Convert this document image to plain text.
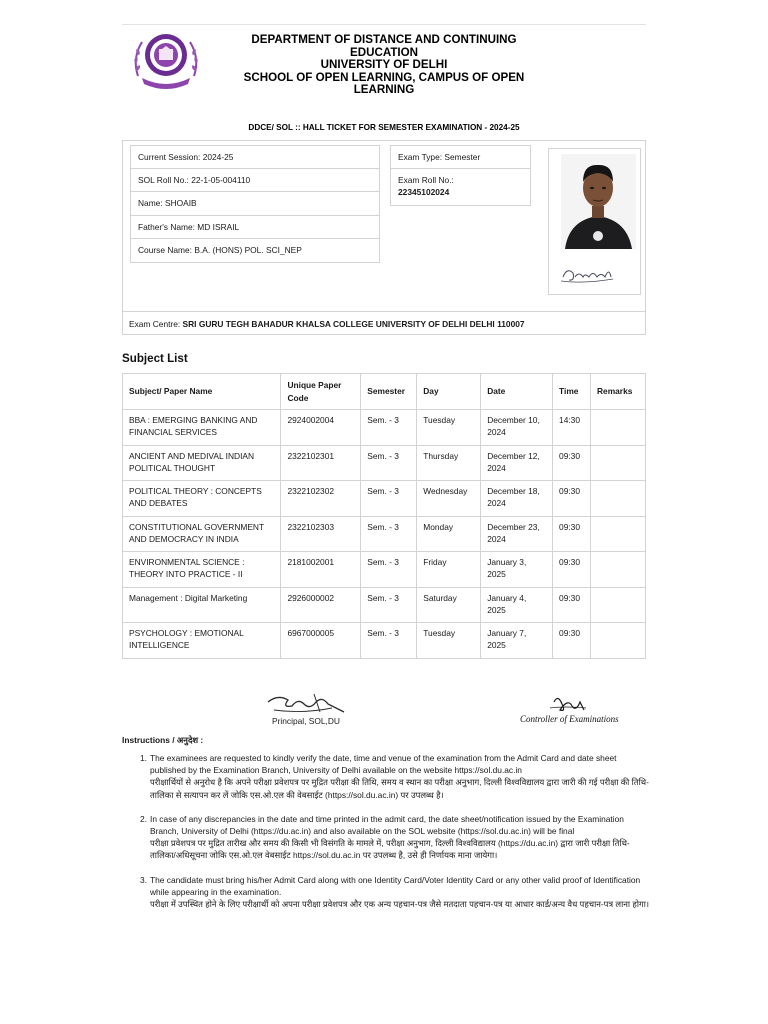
DEPARTMENT OF DISTANCE AND CONTINUING
EDUCATION
UNIVERSITY OF DELHI
SCHOOL OF OPEN LEARNING, CAMPUS OF OPEN
LEARNING
DDCE/ SOL :: HALL TICKET FOR SEMESTER EXAMINATION - 2024-25
Current Session: 2024-25
SOL Roll No.: 22-1-05-004110
Name: SHOAIB
Father's Name: MD ISRAIL
Course Name: B.A. (HONS) POL. SCI_NEP
Exam Type: Semester
Exam Roll No.:
22345102024
Exam Centre:
SRI GURU TEGH BAHADUR KHALSA COLLEGE UNIVERSITY OF DELHI DELHI 110007
Subject List
Subject/ Paper Name	Unique Paper Code	Semester	Day	Date	Time	Remarks
BBA : EMERGING BANKING AND FINANCIAL SERVICES	2924002004	Sem. - 3	Tuesday	December 10, 2024	14:30	
ANCIENT AND MEDIVAL INDIAN POLITICAL THOUGHT	2322102301	Sem. - 3	Thursday	December 12, 2024	09:30	
POLITICAL THEORY : CONCEPTS AND DEBATES	2322102302	Sem. - 3	Wednesday	December 18, 2024	09:30	
CONSTITUTIONAL GOVERNMENT AND DEMOCRACY IN INDIA	2322102303	Sem. - 3	Monday	December 23, 2024	09:30	
ENVIRONMENTAL SCIENCE : THEORY INTO PRACTICE - II	2181002001	Sem. - 3	Friday	January 3, 2025	09:30	
Management : Digital Marketing	2926000002	Sem. - 3	Saturday	January 4, 2025	09:30	
PSYCHOLOGY : EMOTIONAL INTELLIGENCE	6967000005	Sem. - 3	Tuesday	January 7, 2025	09:30	
Principal, SOL,DU	Controller of Examinations
Instructions / अनुदेश :
1. The examinees are requested to kindly verify the date, time and venue of the examination from the Admit Card and date sheet published by the Examination Branch, University of Delhi available on the website https://sol.du.ac.in
परीक्षार्थियों से अनुरोध है कि अपने परीक्षा प्रवेशपत्र पर मुद्रित परीक्षा की तिथि, समय व स्थान का परीक्षा अनुभाग, दिल्ली विश्वविद्यालय द्वारा जारी की गई परीक्षा की तिथि-तालिका से सत्यापन कर लें जोकि एस.ओ.एल की वेबसाईट (https://sol.du.ac.in) पर उपलब्ध है।
2. In case of any discrepancies in the date and time printed in the admit card, the date sheet/notification issued by the Examination Branch, University of Delhi (https://du.ac.in) and also available on the SOL website (https://sol.du.ac.in) will be final
परीक्षा प्रवेशपत्र पर मुद्रित तारीख और समय की किसी भी विसंगति के मामले में, परीक्षा अनुभाग, दिल्ली विश्वविद्यालय (https://du.ac.in) द्वारा जारी परीक्षा तिथि-तालिका/अधिसूचना जोकि एस.ओ.एल वेबसाईट https://sol.du.ac.in पर उपलब्ध है, उसे ही निर्णायक माना जायेगा।
3. The candidate must bring his/her Admit Card along with one Identity Card/Voter Identity Card or any other valid proof of Identification while appearing in the examination.
परीक्षा में उपस्थित होने के लिए परीक्षार्थी को अपना परीक्षा प्रवेशपत्र और एक अन्य पहचान-पत्र जैसे मतदाता पहचान-पत्र या आधार कार्ड/अन्य वैध पहचान-पत्र लाना होगा।
